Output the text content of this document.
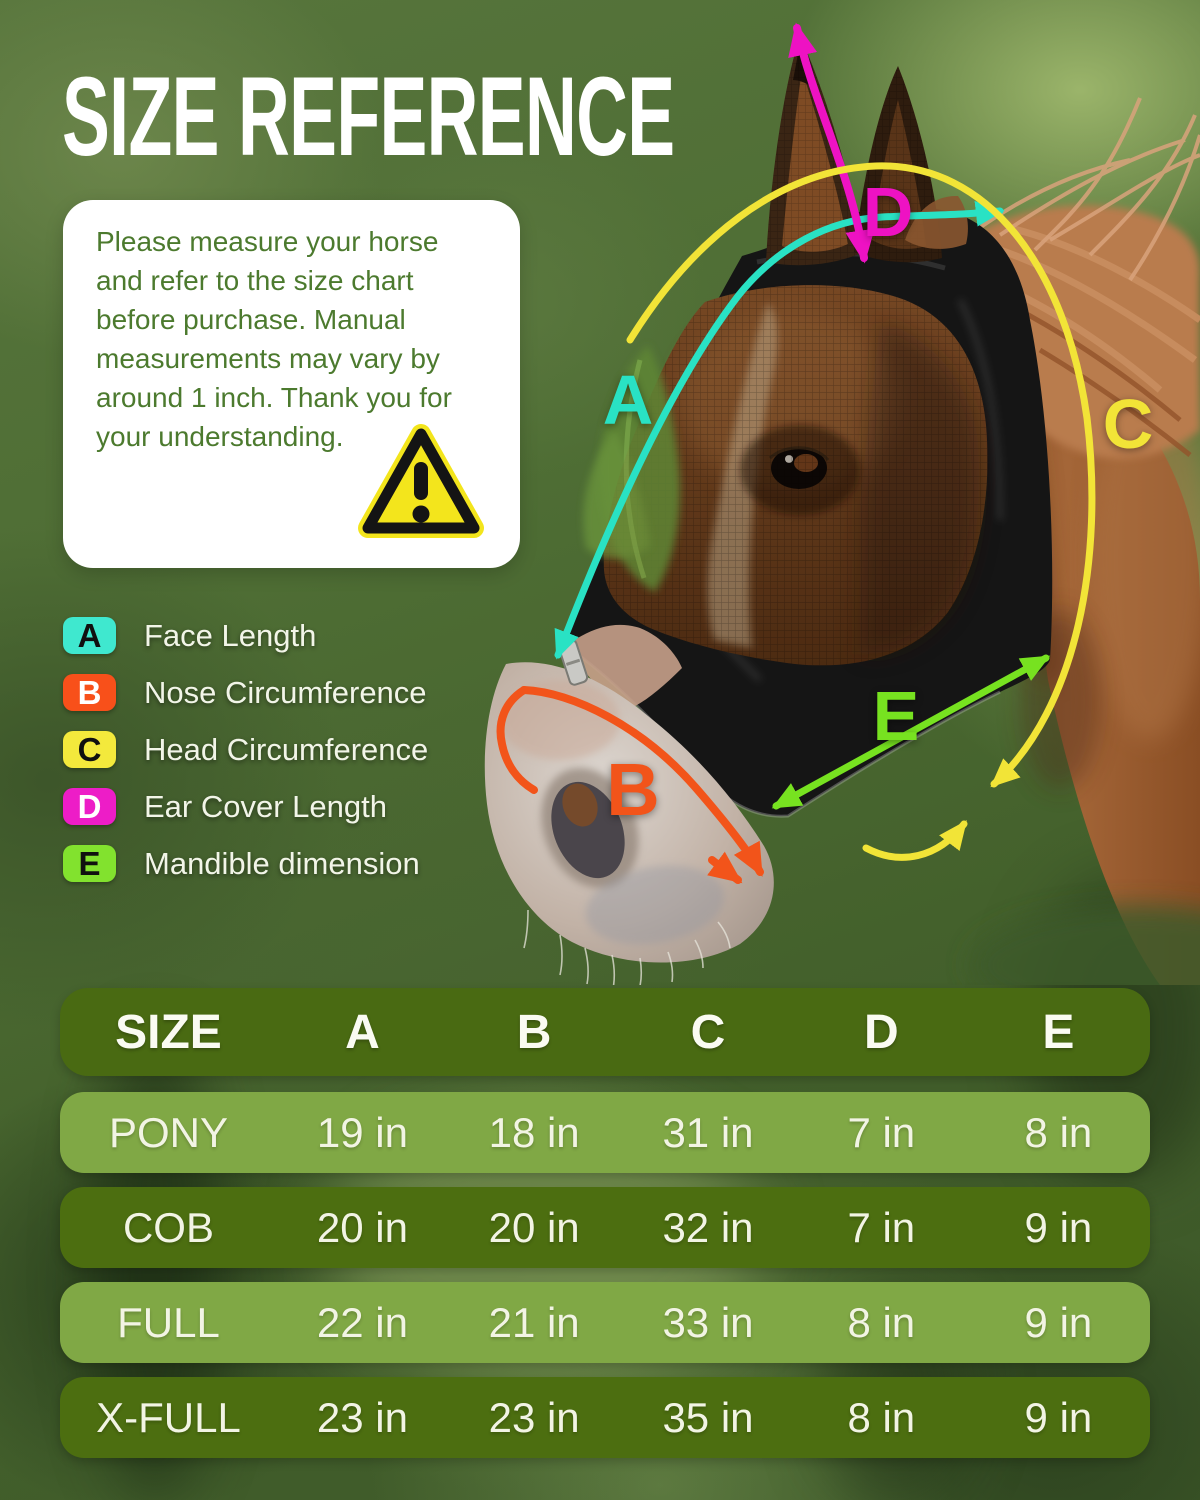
A
B
C
D
E
SIZE REFERENCE

Please measure your horse and refer to the size chart before purchase. Manual measurements may vary by around 1 inch. Thank you for your understanding.

A	Face Length
B	Nose Circumference
C	Head Circumference
D	Ear Cover Length
E	Mandible dimension
SIZE	A	B	C	D	E
PONY	19 in	18 in	31 in	7 in	8 in
COB	20 in	20 in	32 in	7 in	9 in
FULL	22 in	21 in	33 in	8 in	9 in
X-FULL	23 in	23 in	35 in	8 in	9 in
